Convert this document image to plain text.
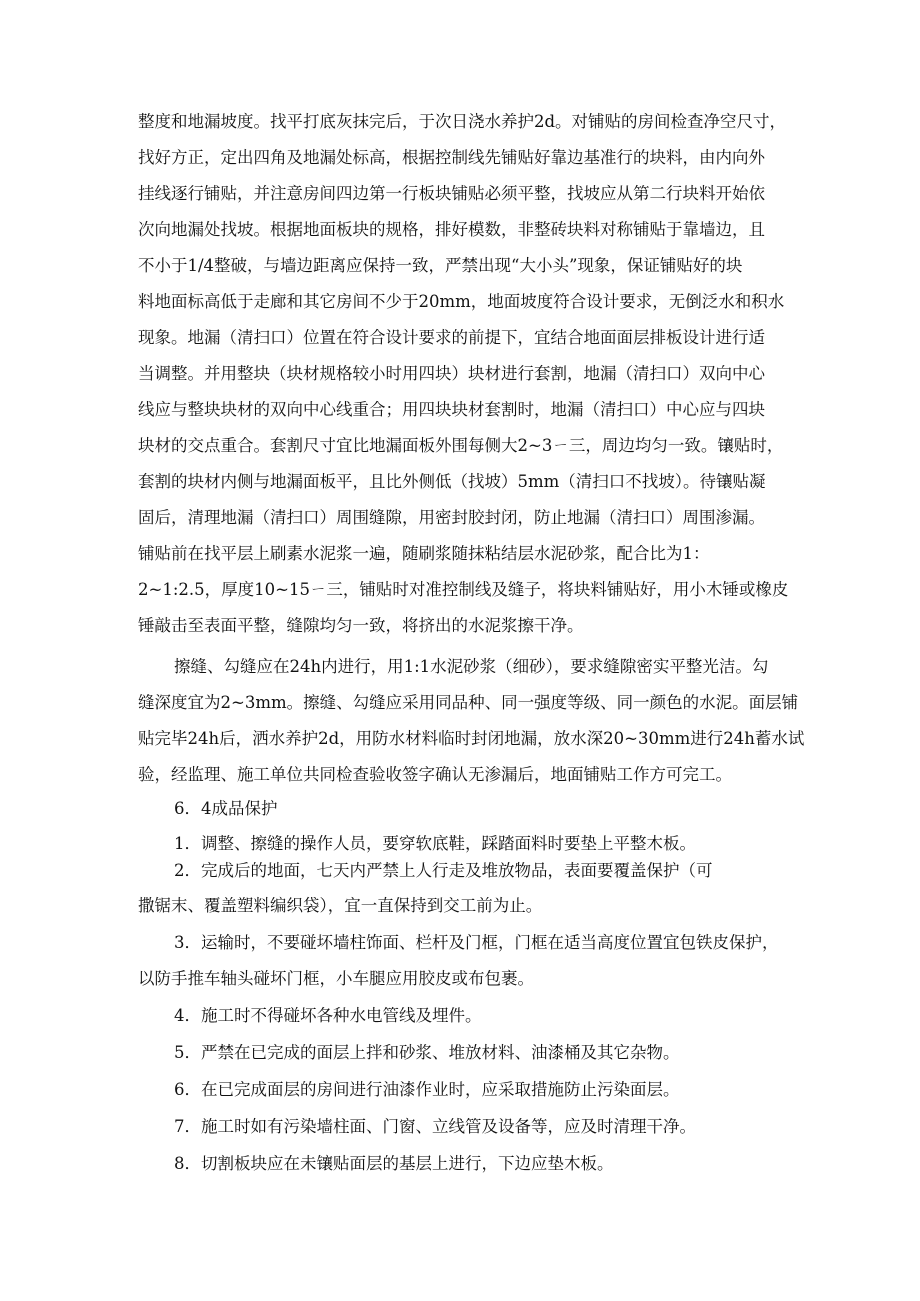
整度和地漏坡度。找平打底灰抹完后，于次日浇水养护2d。对铺贴的房间检查净空尺寸，
找好方正，定出四角及地漏处标高，根据控制线先铺贴好靠边基准行的块料，由内向外
挂线逐行铺贴，并注意房间四边第一行板块铺贴必须平整，找坡应从第二行块料开始依
次向地漏处找坡。根据地面板块的规格，排好模数，非整砖块料对称铺贴于靠墙边，且
不小于1/4整破，与墙边距离应保持一致，严禁出现“大小头”现象，保证铺贴好的块
料地面标高低于走廊和其它房间不少于20mm，地面坡度符合设计要求，无倒泛水和积水
现象。地漏（清扫口）位置在符合设计要求的前提下，宜结合地面面层排板设计进行适
当调整。并用整块（块材规格较小时用四块）块材进行套割，地漏（清扫口）双向中心
线应与整块块材的双向中心线重合；用四块块材套割时，地漏（清扫口）中心应与四块
块材的交点重合。套割尺寸宜比地漏面板外围每侧大2~3ㄧ三，周边均匀一致。镶贴时，
套割的块材内侧与地漏面板平，且比外侧低（找坡）5mm（清扫口不找坡）。待镶贴凝
固后，清理地漏（清扫口）周围缝隙，用密封胶封闭，防止地漏（清扫口）周围渗漏。
铺贴前在找平层上刷素水泥浆一遍，随刷浆随抹粘结层水泥砂浆，配合比为1：
2~1:2.5，厚度10~15ㄧ三，铺贴时对准控制线及缝子，将块料铺贴好，用小木锤或橡皮
锤敲击至表面平整，缝隙均匀一致，将挤出的水泥浆擦干净。
擦缝、勾缝应在24h内进行，用1:1水泥砂浆（细砂），要求缝隙密实平整光洁。勾
缝深度宜为2~3mm。擦缝、勾缝应采用同品种、同一强度等级、同一颜色的水泥。面层铺
贴完毕24h后，洒水养护2d，用防水材料临时封闭地漏，放水深20~30mm进行24h蓄水试
验，经监理、施工单位共同检查验收签字确认无渗漏后，地面铺贴工作方可完工。
6．4成品保护
1．调整、擦缝的操作人员，要穿软底鞋，踩踏面料时要垫上平整木板。
2．完成后的地面，七天内严禁上人行走及堆放物品，表面要覆盖保护（可
撒锯末、覆盖塑料编织袋），宜一直保持到交工前为止。
3．运输时，不要碰坏墙柱饰面、栏杆及门框，门框在适当高度位置宜包铁皮保护，
以防手推车轴头碰坏门框，小车腿应用胶皮或布包裹。
4．施工时不得碰坏各种水电管线及埋件。
5．严禁在已完成的面层上拌和砂浆、堆放材料、油漆桶及其它杂物。
6．在已完成面层的房间进行油漆作业时，应采取措施防止污染面层。
7．施工时如有污染墙柱面、门窗、立线管及设备等，应及时清理干净。
8．切割板块应在未镶贴面层的基层上进行，下边应垫木板。
